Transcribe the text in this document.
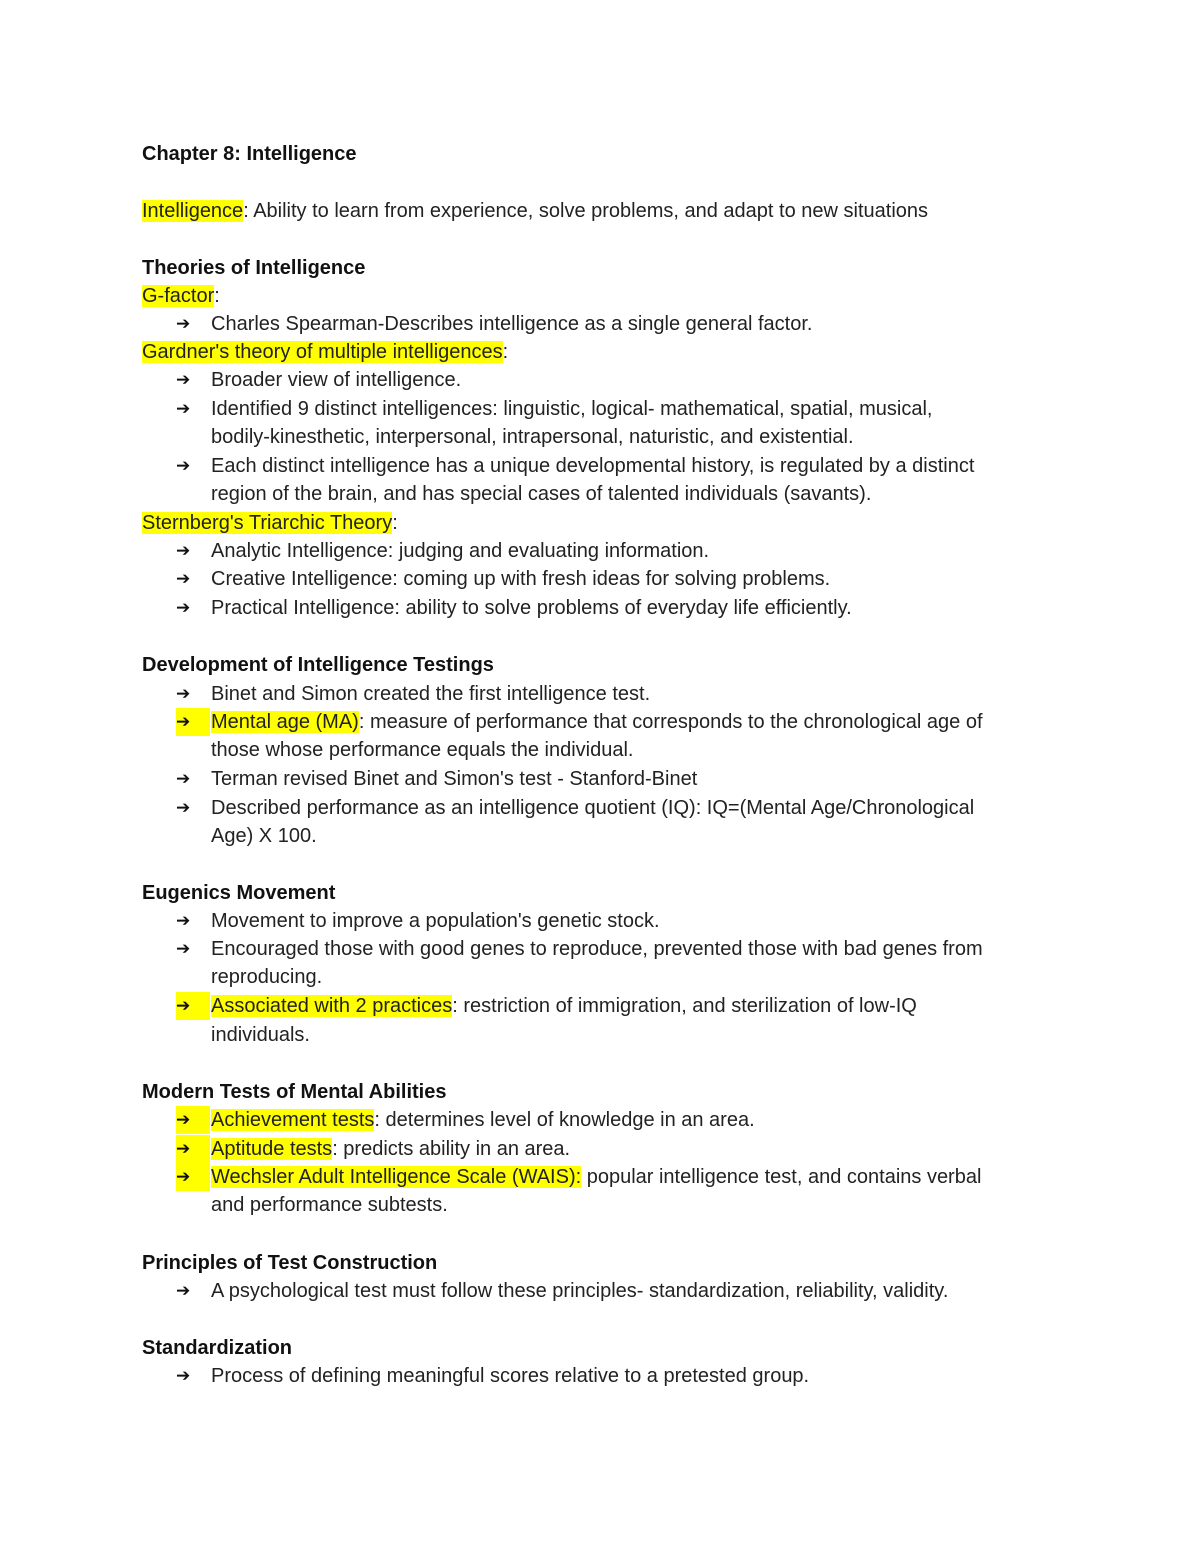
Chapter 8: Intelligence
Intelligence: Ability to learn from experience, solve problems, and adapt to new situations
Theories of Intelligence
G-factor:
➔ Charles Spearman-Describes intelligence as a single general factor.
Gardner's theory of multiple intelligences:
➔ Broader view of intelligence.
➔ Identified 9 distinct intelligences: linguistic, logical- mathematical, spatial, musical,
bodily-kinesthetic, interpersonal, intrapersonal, naturistic, and existential.
➔ Each distinct intelligence has a unique developmental history, is regulated by a distinct
region of the brain, and has special cases of talented individuals (savants).
Sternberg's Triarchic Theory:
➔ Analytic Intelligence: judging and evaluating information.
➔ Creative Intelligence: coming up with fresh ideas for solving problems.
➔ Practical Intelligence: ability to solve problems of everyday life efficiently.
Development of Intelligence Testings
➔ Binet and Simon created the first intelligence test.
➔	Mental age (MA): measure of performance that corresponds to the chronological age of
those whose performance equals the individual.
➔ Terman revised Binet and Simon's test - Stanford-Binet
➔ Described performance as an intelligence quotient (IQ): IQ=(Mental Age/Chronological
Age) X 100.
Eugenics Movement
➔ Movement to improve a population's genetic stock.
➔ Encouraged those with good genes to reproduce, prevented those with bad genes from
reproducing.
➔	Associated with 2 practices: restriction of immigration, and sterilization of low-IQ
individuals.
Modern Tests of Mental Abilities
➔	Achievement tests: determines level of knowledge in an area.
➔	Aptitude tests: predicts ability in an area.
➔	Wechsler Adult Intelligence Scale (WAIS): popular intelligence test, and contains verbal
and performance subtests.
Principles of Test Construction
➔ A psychological test must follow these principles- standardization, reliability, validity.
Standardization
➔ Process of defining meaningful scores relative to a pretested group.
